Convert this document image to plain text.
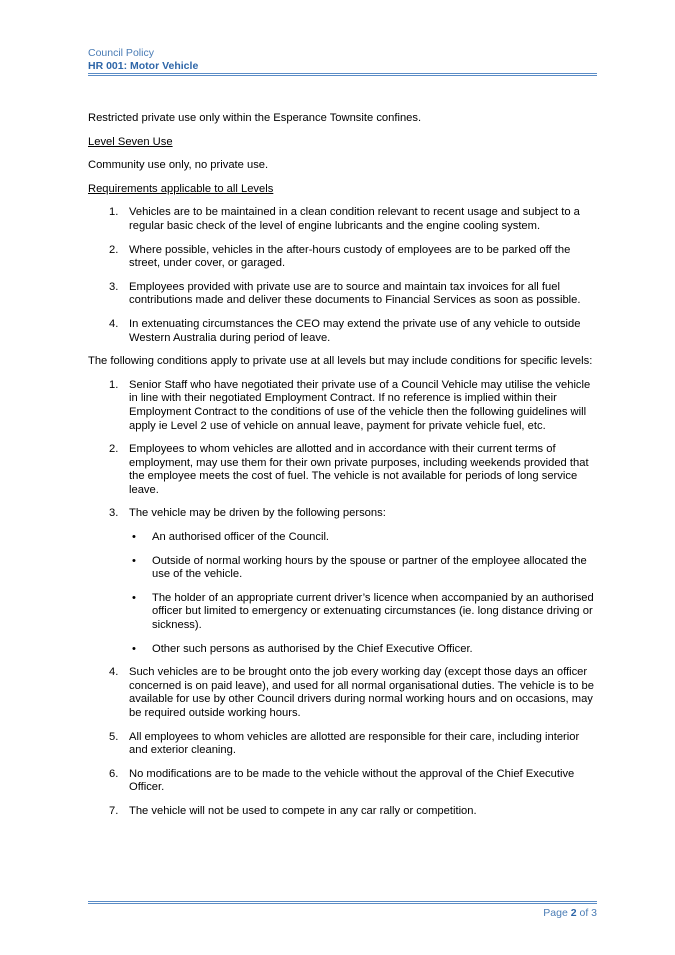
Council Policy
HR 001: Motor Vehicle

Restricted private use only within the Esperance Townsite confines.

Level Seven Use

Community use only, no private use.

Requirements applicable to all Levels

1. Vehicles are to be maintained in a clean condition relevant to recent usage and subject to a regular basic check of the level of engine lubricants and the engine cooling system.
2. Where possible, vehicles in the after-hours custody of employees are to be parked off the street, under cover, or garaged.
3. Employees provided with private use are to source and maintain tax invoices for all fuel contributions made and deliver these documents to Financial Services as soon as possible.
4. In extenuating circumstances the CEO may extend the private use of any vehicle to outside Western Australia during period of leave.

The following conditions apply to private use at all levels but may include conditions for specific levels:

1. Senior Staff who have negotiated their private use of a Council Vehicle may utilise the vehicle in line with their negotiated Employment Contract. If no reference is implied within their Employment Contract to the conditions of use of the vehicle then the following guidelines will apply ie Level 2 use of vehicle on annual leave, payment for private vehicle fuel, etc.
2. Employees to whom vehicles are allotted and in accordance with their current terms of employment, may use them for their own private purposes, including weekends provided that the employee meets the cost of fuel. The vehicle is not available for periods of long service leave.
3. The vehicle may be driven by the following persons:
• An authorised officer of the Council.
• Outside of normal working hours by the spouse or partner of the employee allocated the use of the vehicle.
• The holder of an appropriate current driver’s licence when accompanied by an authorised officer but limited to emergency or extenuating circumstances (ie. long distance driving or sickness).
• Other such persons as authorised by the Chief Executive Officer.
4. Such vehicles are to be brought onto the job every working day (except those days an officer concerned is on paid leave), and used for all normal organisational duties. The vehicle is to be available for use by other Council drivers during normal working hours and on occasions, may be required outside working hours.
5. All employees to whom vehicles are allotted are responsible for their care, including interior and exterior cleaning.
6. No modifications are to be made to the vehicle without the approval of the Chief Executive Officer.
7. The vehicle will not be used to compete in any car rally or competition.
Page 2 of 3
